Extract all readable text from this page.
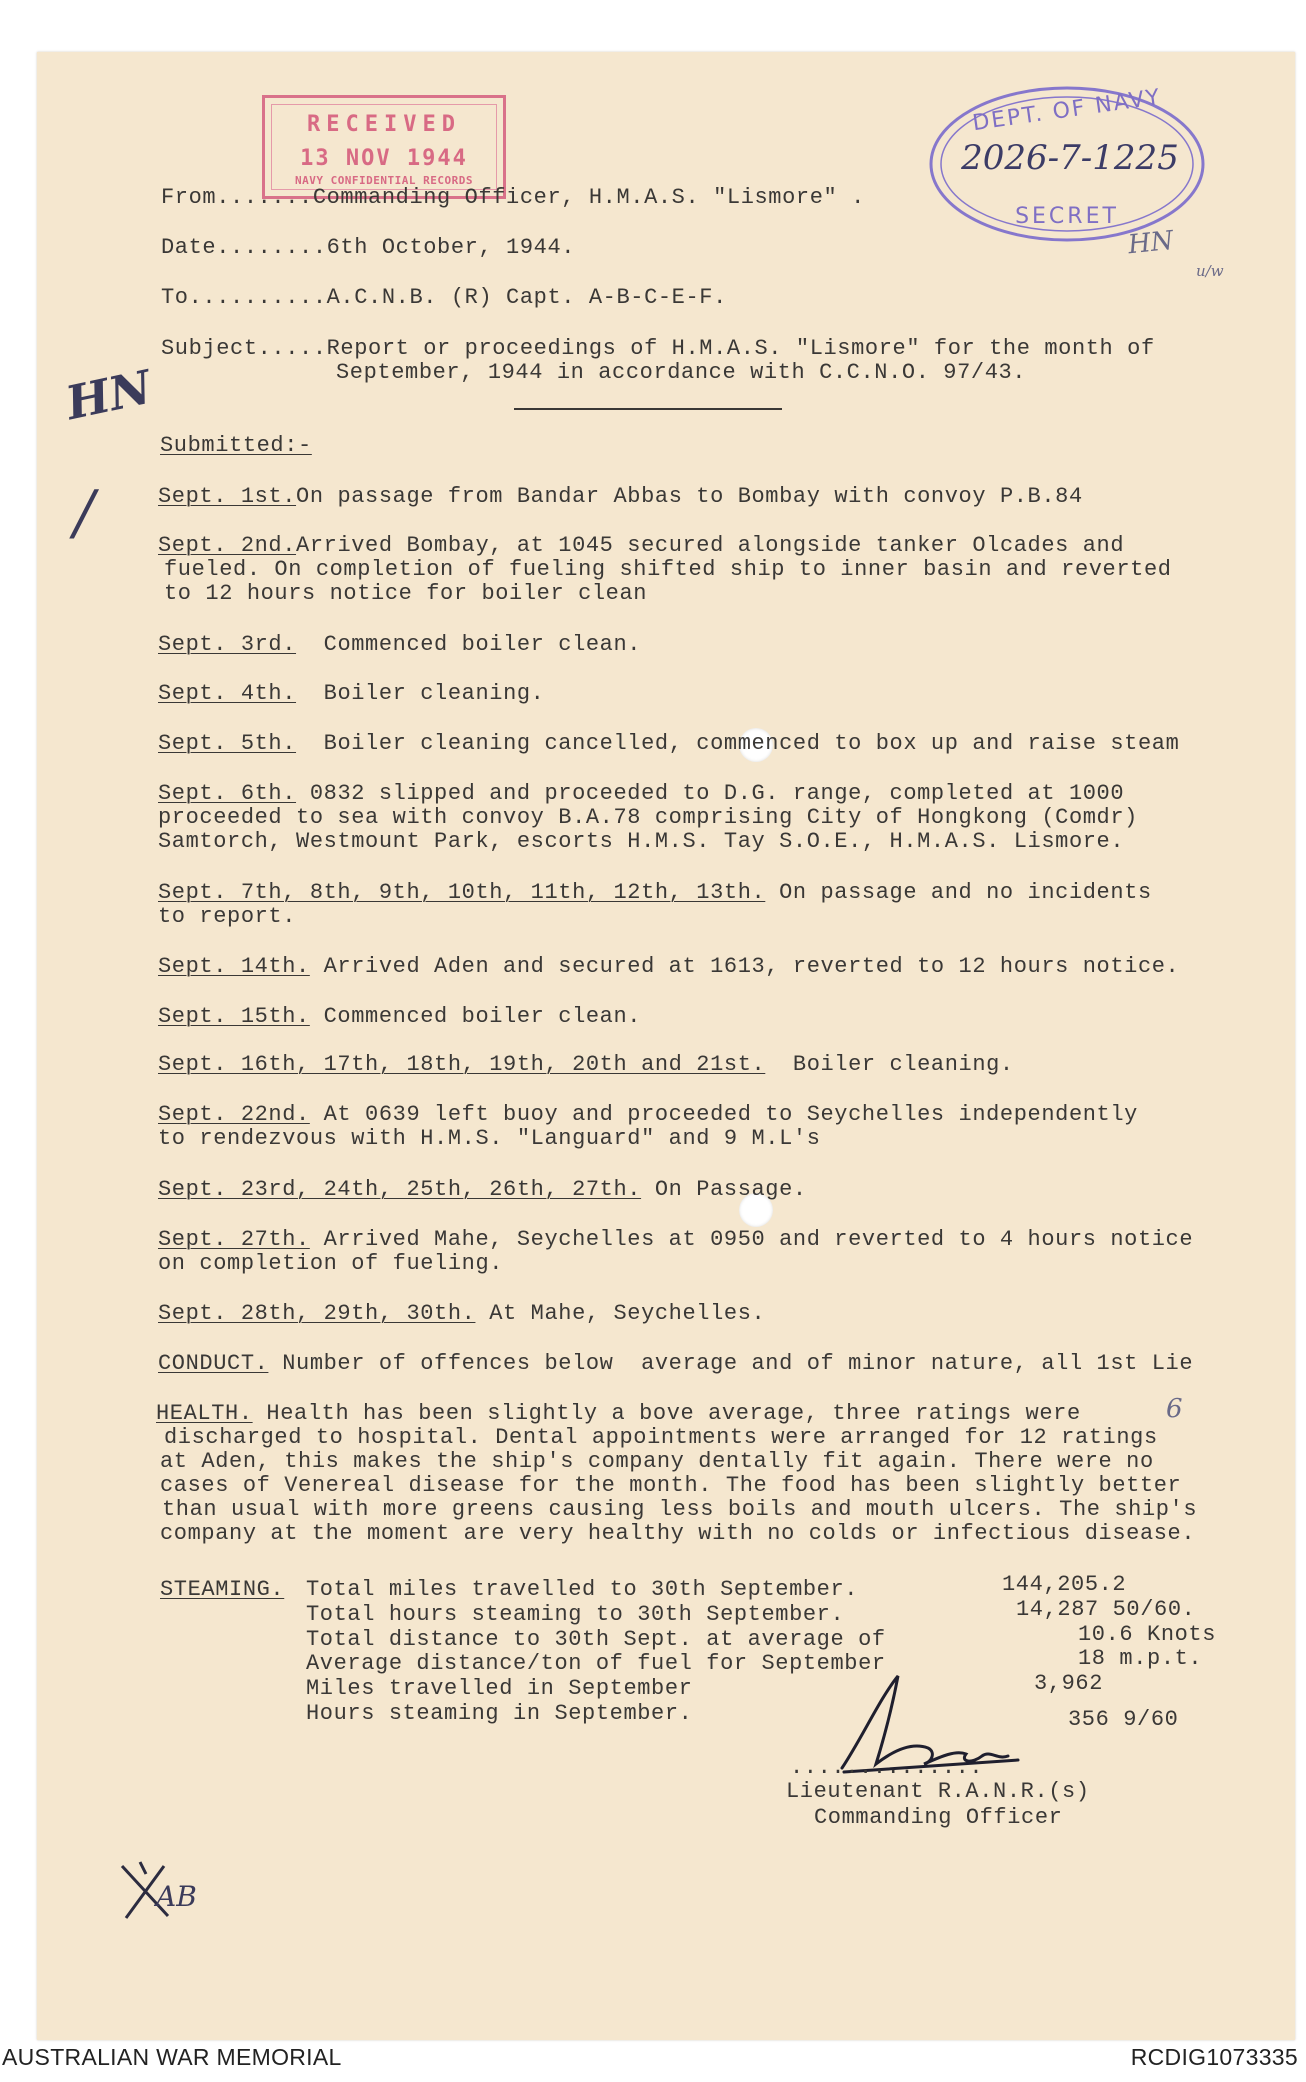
RECEIVED
13 NOV 1944
NAVY CONFIDENTIAL RECORDS
DEPT. OF NAVY
2026-7-1225
SECRET
HN
/
HN
u/w
6
AB
From.......Commanding Officer, H.M.A.S. "Lismore" .
Date........6th October, 1944.
To..........A.C.N.B. (R) Capt. A-B-C-E-F.
Subject.....Report or proceedings of H.M.A.S. "Lismore" for the month of
September, 1944 in accordance with C.C.N.O. 97/43.
Submitted:-
Sept. 1st.On passage from Bandar Abbas to Bombay with convoy P.B.84
Sept. 2nd.Arrived Bombay, at 1045 secured alongside tanker Olcades and
fueled. On completion of fueling shifted ship to inner basin and reverted
to 12 hours notice for boiler clean
Sept. 3rd.  Commenced boiler clean.
Sept. 4th.  Boiler cleaning.
Sept. 5th.  Boiler cleaning cancelled, commenced to box up and raise steam
Sept. 6th. 0832 slipped and proceeded to D.G. range, completed at 1000
proceeded to sea with convoy B.A.78 comprising City of Hongkong (Comdr)
Samtorch, Westmount Park, escorts H.M.S. Tay S.O.E., H.M.A.S. Lismore.
Sept. 7th, 8th, 9th, 10th, 11th, 12th, 13th. On passage and no incidents
to report.
Sept. 14th. Arrived Aden and secured at 1613, reverted to 12 hours notice.
Sept. 15th. Commenced boiler clean.
Sept. 16th, 17th, 18th, 19th, 20th and 21st.  Boiler cleaning.
Sept. 22nd. At 0639 left buoy and proceeded to Seychelles independently
to rendezvous with H.M.S. "Languard" and 9 M.L's
Sept. 23rd, 24th, 25th, 26th, 27th. On Passage.
Sept. 27th. Arrived Mahe, Seychelles at 0950 and reverted to 4 hours notice
on completion of fueling.
Sept. 28th, 29th, 30th. At Mahe, Seychelles.
CONDUCT. Number of offences below  average and of minor nature, all 1st Lie
HEALTH. Health has been slightly a bove average, three ratings were
discharged to hospital. Dental appointments were arranged for 12 ratings
at Aden, this makes the ship's company dentally fit again. There were no
cases of Venereal disease for the month. The food has been slightly better
than usual with more greens causing less boils and mouth ulcers. The ship's
company at the moment are very healthy with no colds or infectious disease.
STEAMING. Total miles travelled to 30th September.
Total hours steaming to 30th September.
Total distance to 30th Sept. at average of
Average distance/ton of fuel for September
Miles travelled in September
Hours steaming in September.
144,205.2
14,287 50/60.
10.6 Knots
18 m.p.t.
3,962
356 9/60
..............
Lieutenant R.A.N.R.(s)
Commanding Officer
AUSTRALIAN WAR MEMORIAL	RCDIG1073335
